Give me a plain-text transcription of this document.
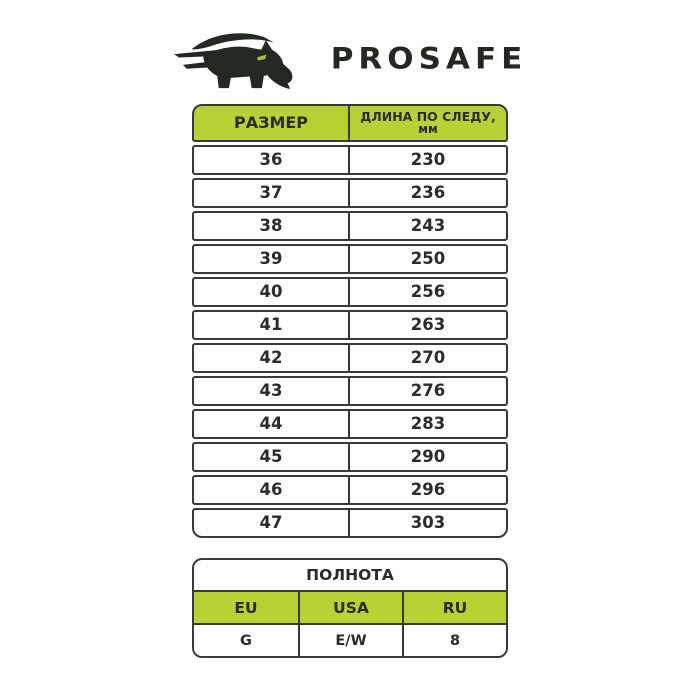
PROSAFE
РАЗМЕР	ДЛИНА ПО СЛЕДУ,
мм
36	230
37	236
38	243
39	250
40	256
41	263
42	270
43	276
44	283
45	290
46	296
47	303
ПОЛНОТА
EU	USA	RU
G	E/W	8
